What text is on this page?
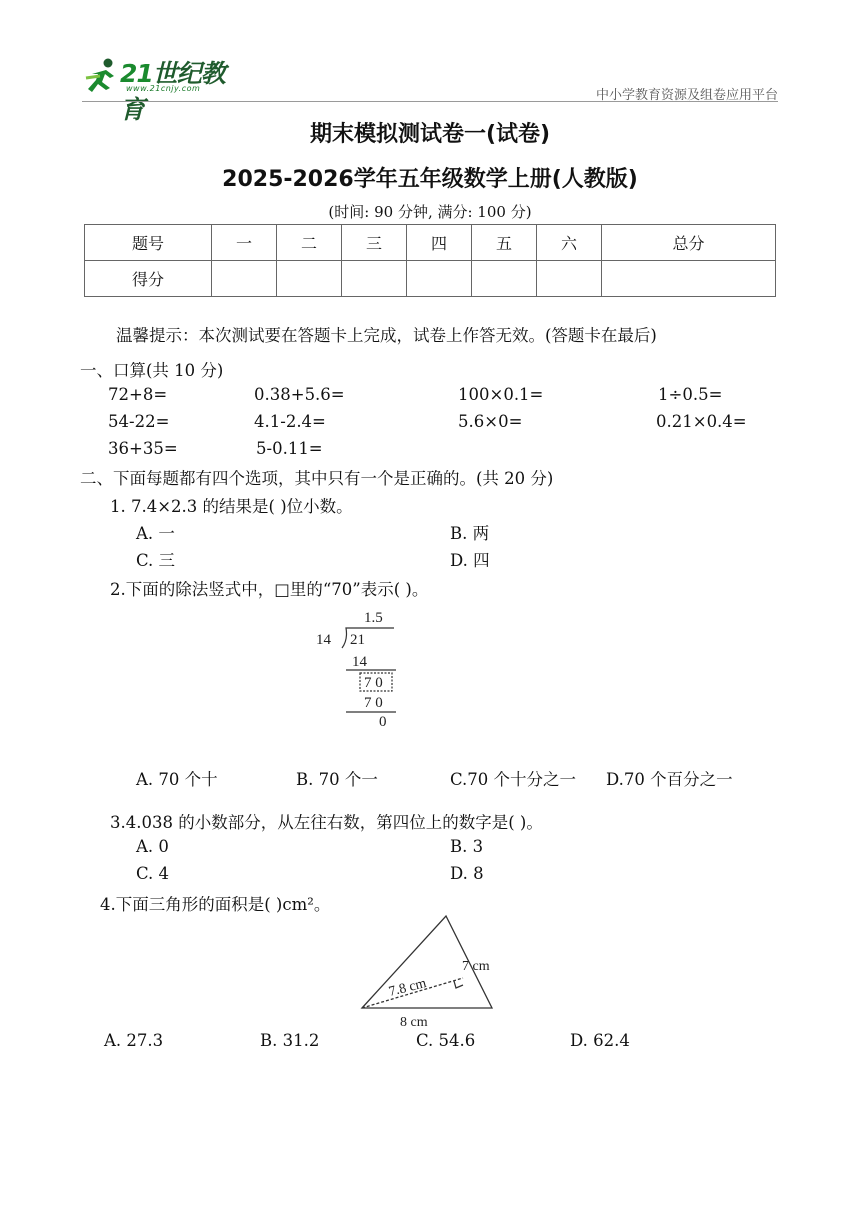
21世纪教育
www.21cnjy.com	中小学教育资源及组卷应用平台
期末模拟测试卷一(试卷)
2025-2026学年五年级数学上册(人教版)
(时间: 90 分钟, 满分: 100 分)
题号	一	二	三	四	五	六	总分
得分							
温馨提示：本次测试要在答题卡上完成，试卷上作答无效。(答题卡在最后)
一、口算(共 10 分)
72+8=	0.38+5.6=	100×0.1=	1÷0.5=
54-22=	4.1-2.4=	5.6×0=	0.21×0.4=
36+35=	5-0.11=
二、下面每题都有四个选项，其中只有一个是正确的。(共 20 分)
1. 7.4×2.3 的结果是( )位小数。
A. 一	B. 两
C. 三	D. 四
2.下面的除法竖式中，□里的“70”表示( )。
1.5
14 21
14
7 0
7 0
0
A. 70 个十	B. 70 个一	C.70 个十分之一 D.70 个百分之一
3.4.038 的小数部分，从左往右数，第四位上的数字是( )。
A. 0	B. 3
C. 4	D. 8
4.下面三角形的面积是( )cm²。
7 cm
7.8 cm
8 cm
A. 27.3	B. 31.2	C. 54.6	D. 62.4
